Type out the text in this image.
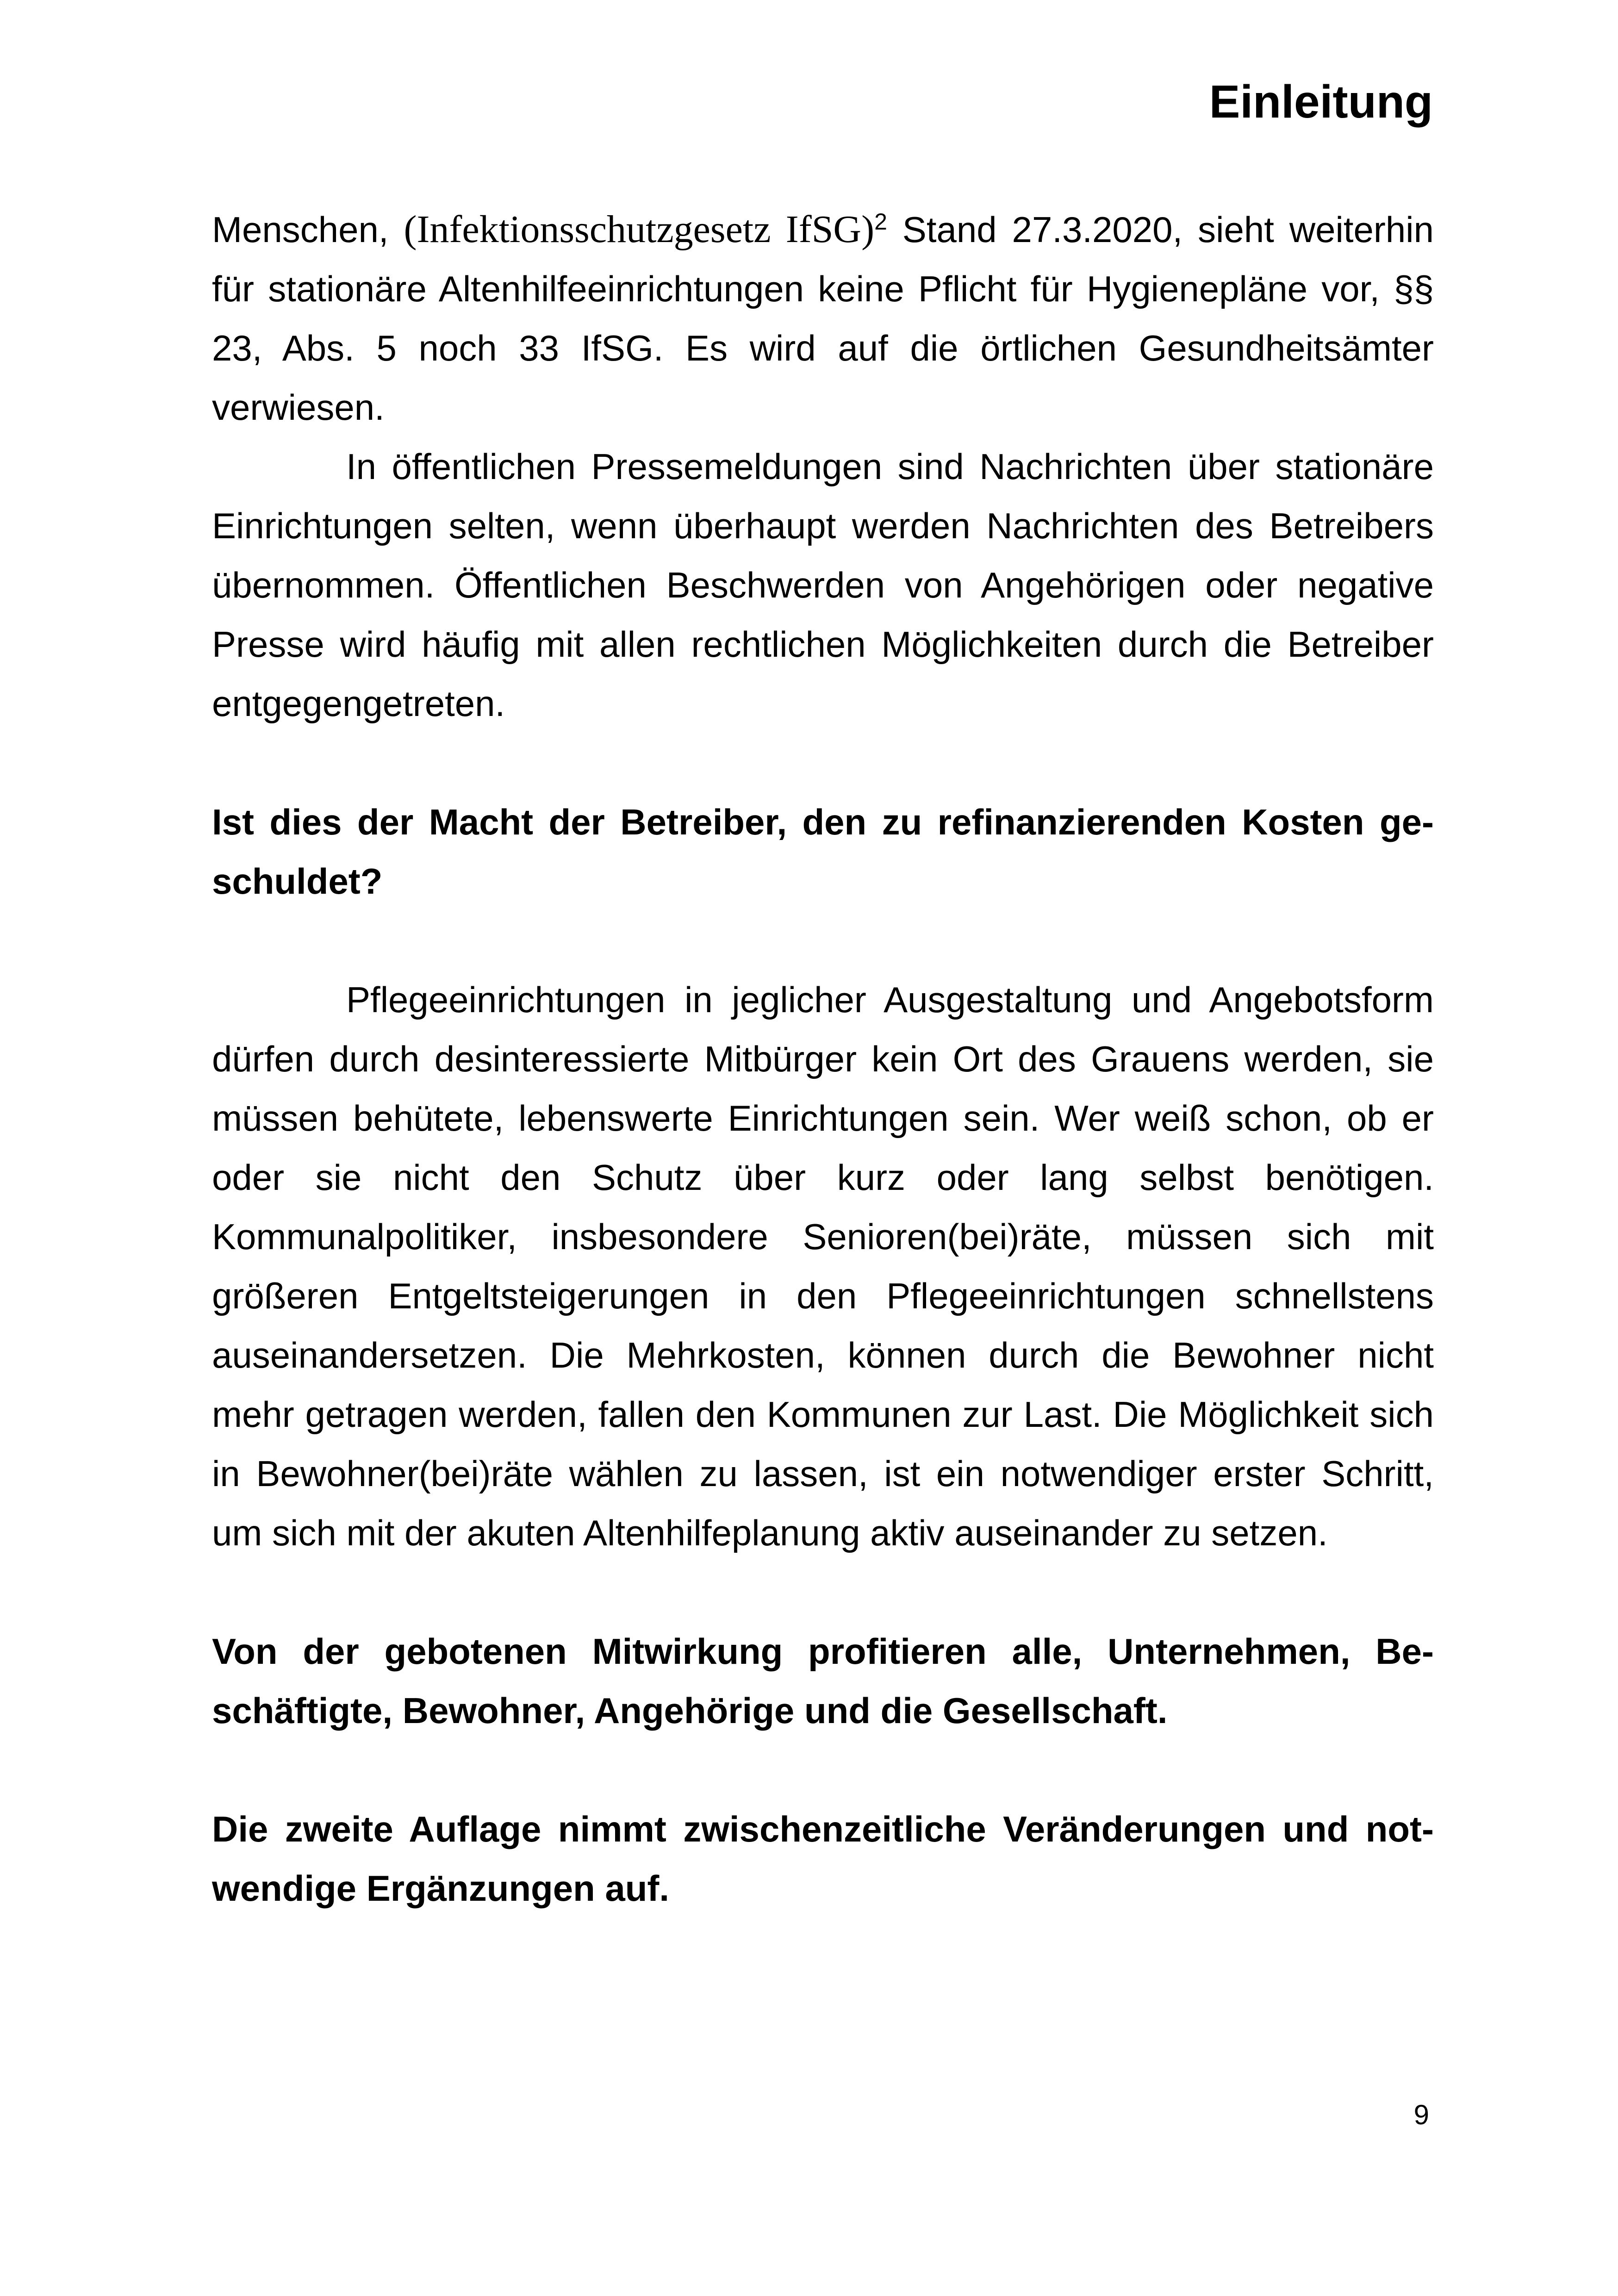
Einleitung

Menschen, (Infektionsschutzgesetz IfSG)$^2$ Stand 27.3.2020, sieht weiterhin für stationäre Altenhilfeeinrichtungen keine Pflicht für Hygienepläne vor, §§ 23, Abs. 5 noch 33 IfSG. Es wird auf die örtlichen Gesundheitsämter verwiesen.

In öffentlichen Pressemeldungen sind Nachrichten über stationäre Einrichtungen selten, wenn überhaupt werden Nachrichten des Betreibers übernommen. Öffentlichen Beschwerden von Angehörigen oder negative Presse wird häufig mit allen rechtlichen Möglichkeiten durch die Betreiber entgegengetreten.

Ist dies der Macht der Betreiber, den zu refinanzierenden Kosten geschuldet?

Pflegeeinrichtungen in jeglicher Ausgestaltung und Angebotsform dürfen durch desinteressierte Mitbürger kein Ort des Grauens werden, sie müssen behütete, lebenswerte Einrichtungen sein. Wer weiß schon, ob er oder sie nicht den Schutz über kurz oder lang selbst benötigen. Kommunalpolitiker, insbesondere Senioren(bei)räte, müssen sich mit größeren Entgeltsteigerungen in den Pflegeeinrichtungen schnellstens auseinandersetzen. Die Mehrkosten, können durch die Bewohner nicht mehr getragen werden, fallen den Kommunen zur Last. Die Möglichkeit sich in Bewohner(bei)räte wählen zu lassen, ist ein notwendiger erster Schritt, um sich mit der akuten Altenhilfeplanung aktiv auseinander zu setzen.

Von der gebotenen Mitwirkung profitieren alle, Unternehmen, Beschäftigte, Bewohner, Angehörige und die Gesellschaft.

Die zweite Auflage nimmt zwischenzeitliche Veränderungen und notwendige Ergänzungen auf.

9
